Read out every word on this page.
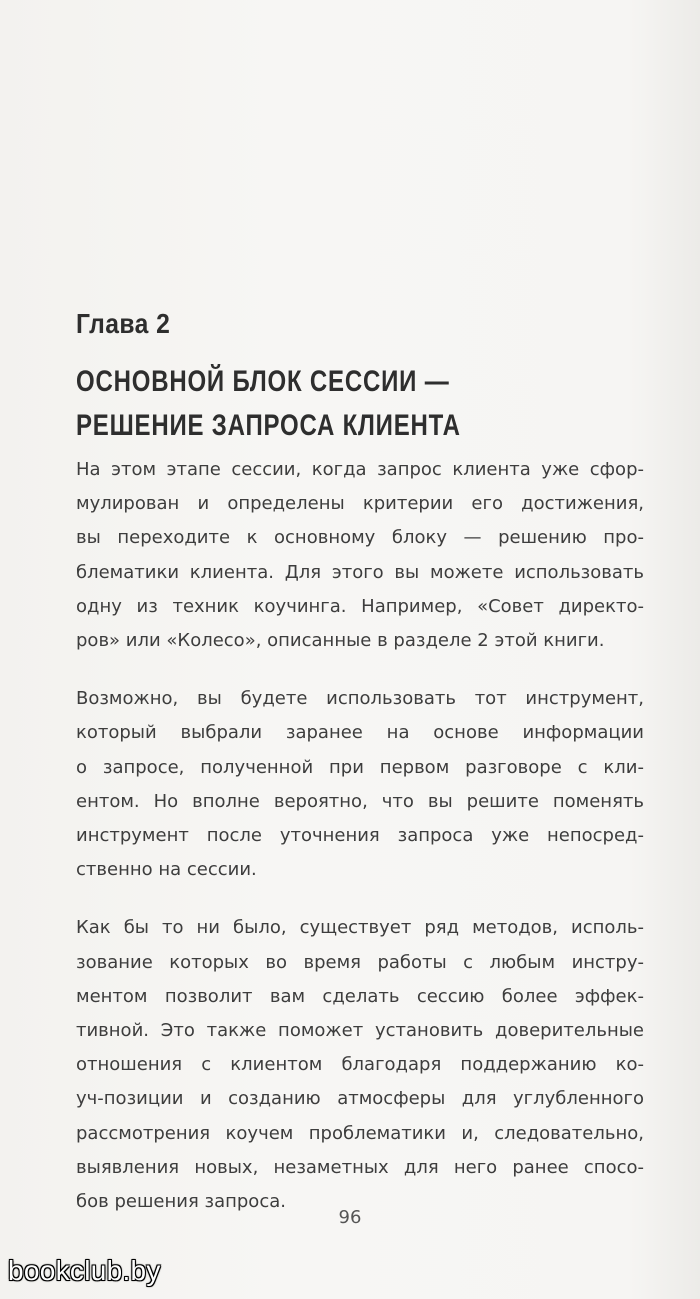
Глава 2
ОСНОВНОЙ БЛОК СЕССИИ —
РЕШЕНИЕ ЗАПРОСА КЛИЕНТА

На этом этапе сессии, когда запрос клиента уже сфор-
мулирован и определены критерии его достижения,
вы переходите к основному блоку — решению про-
блематики клиента. Для этого вы можете использовать
одну из техник коучинга. Например, «Совет директо-
ров» или «Колесо», описанные в разделе 2 этой книги.

Возможно, вы будете использовать тот инструмент,
который выбрали заранее на основе информации
о запросе, полученной при первом разговоре с кли-
ентом. Но вполне вероятно, что вы решите поменять
инструмент после уточнения запроса уже непосред-
ственно на сессии.

Как бы то ни было, существует ряд методов, исполь-
зование которых во время работы с любым инстру-
ментом позволит вам сделать сессию более эффек-
тивной. Это также поможет установить доверительные
отношения с клиентом благодаря поддержанию ко-
уч-позиции и созданию атмосферы для углубленного
рассмотрения коучем проблематики и, следовательно,
выявления новых, незаметных для него ранее спосо-
бов решения запроса.

96
bookclub.by
